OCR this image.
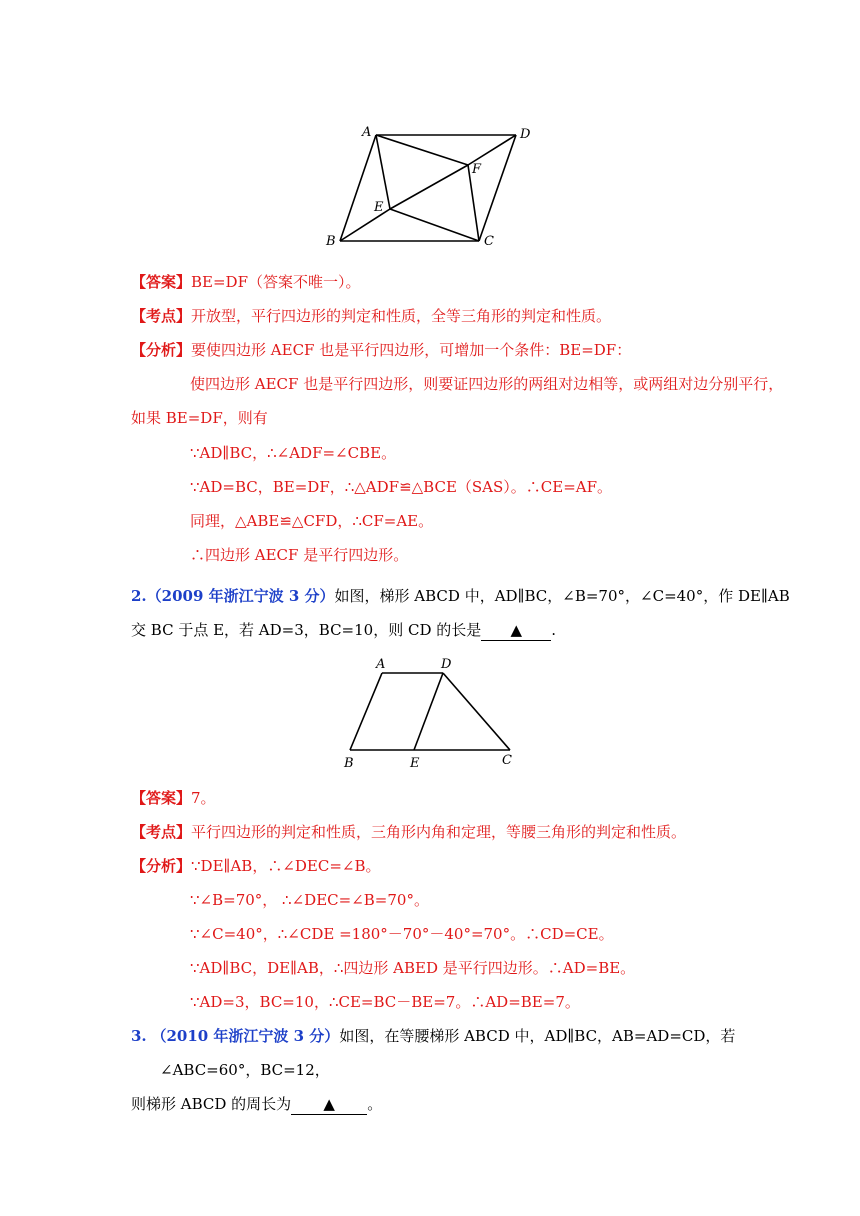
A	D
F
E
B	C
【答案】BE=DF（答案不唯一）。
【考点】开放型，平行四边形的判定和性质，全等三角形的判定和性质。
【分析】要使四边形 AECF 也是平行四边形，可增加一个条件：BE=DF：
使四边形 AECF 也是平行四边形，则要证四边形的两组对边相等，或两组对边分别平行，
如果 BE=DF，则有
∵AD∥BC，∴∠ADF=∠CBE。
∵AD=BC，BE=DF，∴△ADF≌△BCE（SAS）。∴CE=AF。
同理，△ABE≌△CFD，∴CF=AE。
∴四边形 AECF 是平行四边形。
2.（2009 年浙江宁波 3 分）如图，梯形 ABCD 中，AD∥BC，∠B=70°，∠C=40°，作 DE∥AB
交 BC 于点 E，若 AD=3，BC=10，则 CD 的长是 ▲ .
A	D
B	E	C
【答案】7。
【考点】平行四边形的判定和性质，三角形内角和定理，等腰三角形的判定和性质。
【分析】∵DE∥AB，∴∠DEC=∠B。
∵∠B=70°， ∴∠DEC=∠B=70°。
∵∠C=40°，∴∠CDE =180°－70°－40°=70°。∴CD=CE。
∵AD∥BC，DE∥AB，∴四边形 ABED 是平行四边形。∴AD=BE。
∵AD=3，BC=10，∴CE=BC－BE=7。∴AD=BE=7。
3. （2010 年浙江宁波 3 分）如图，在等腰梯形 ABCD 中，AD∥BC，AB=AD=CD，若
∠ABC=60°，BC=12，
则梯形 ABCD 的周长为 ▲ 。
